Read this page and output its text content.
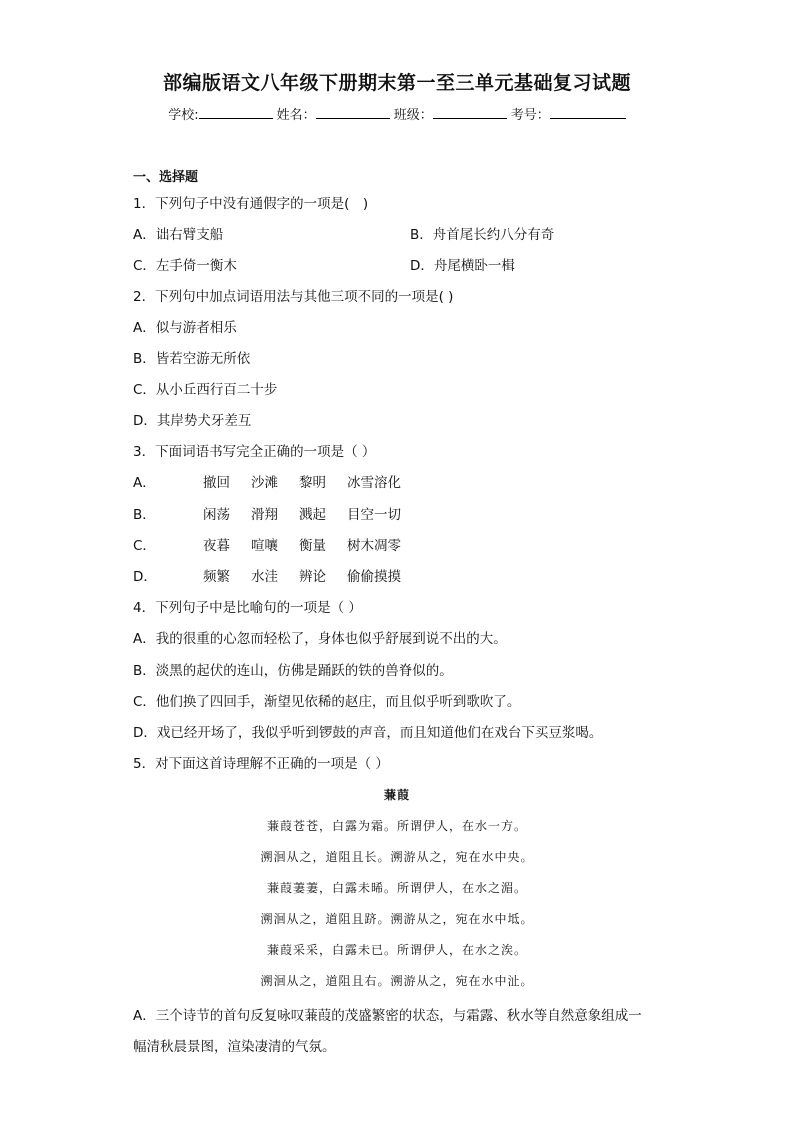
部编版语文八年级下册期末第一至三单元基础复习试题
学校:	姓名：	班级：	考号：
一、选择题
1．下列句子中没有通假字的一项是(　)
A．诎右臂支船	B．舟首尾长约八分有奇
C．左手倚一衡木	D．舟尾横卧一楫
2．下列句中加点词语用法与其他三项不同的一项是( )
A．似与游者相乐
B．皆若空游无所依
C．从小丘西行百二十步
D．其岸势犬牙差互
3．下面词语书写完全正确的一项是（ ）
A．	撤回 沙滩 黎明 冰雪溶化
B．	闲荡 滑翔 溅起 目空一切
C．	夜暮 喧嚷 衡量 树木凋零
D．	频繁 水洼 辨论 偷偷摸摸
4．下列句子中是比喻句的一项是（ ）
A．我的很重的心忽而轻松了，身体也似乎舒展到说不出的大。
B．淡黑的起伏的连山，仿佛是踊跃的铁的兽脊似的。
C．他们换了四回手，渐望见依稀的赵庄，而且似乎听到歌吹了。
D．戏已经开场了，我似乎听到锣鼓的声音，而且知道他们在戏台下买豆浆喝。
5．对下面这首诗理解不正确的一项是（ ）
蒹葭
蒹葭苍苍，白露为霜。所谓伊人，在水一方。
溯洄从之，道阻且长。溯游从之，宛在水中央。
蒹葭萋萋，白露未晞。所谓伊人，在水之湄。
溯洄从之，道阻且跻。溯游从之，宛在水中坻。
蒹葭采采，白露未已。所谓伊人，在水之涘。
溯洄从之，道阻且右。溯游从之，宛在水中沚。
A．三个诗节的首句反复咏叹蒹葭的茂盛繁密的状态，与霜露、秋水等自然意象组成一
幅清秋晨景图，渲染凄清的气氛。
